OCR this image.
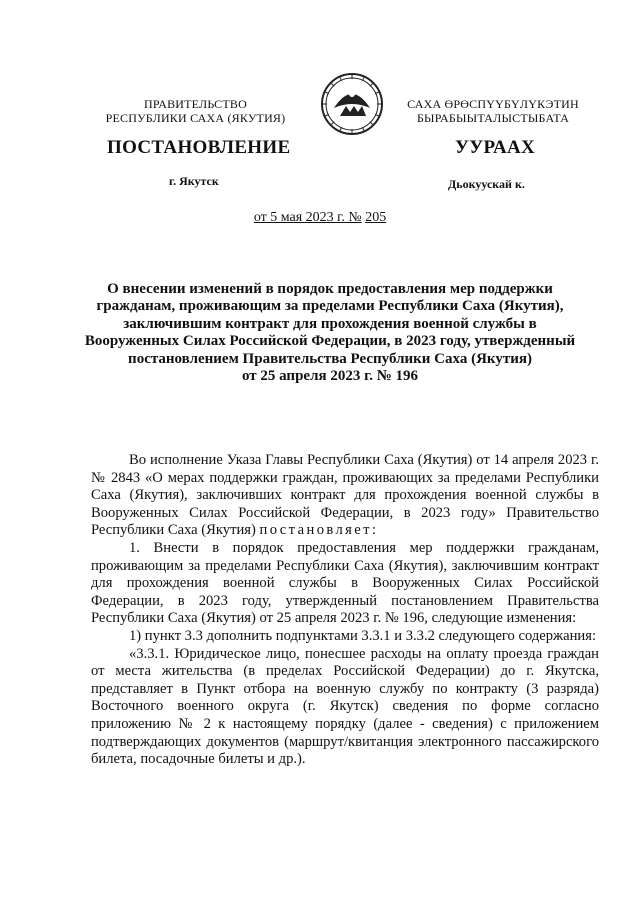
ПРАВИТЕЛЬСТВО
РЕСПУБЛИКИ САХА (ЯКУТИЯ)
САХА ӨРӨСПҮҮБҮЛҮКЭТИН
БЫРАБЫЫТАЛЫСТЫБАТА
ПОСТАНОВЛЕНИЕ	УУРААХ
г. Якутск	Дьокуускай к.
от 5 мая 2023 г. № 205
О внесении изменений в порядок предоставления мер поддержки
гражданам, проживающим за пределами Республики Саха (Якутия),
заключившим контракт для прохождения военной службы в
Вооруженных Силах Российской Федерации, в 2023 году, утвержденный
постановлением Правительства Республики Саха (Якутия)
от 25 апреля 2023 г. № 196

Во исполнение Указа Главы Республики Саха (Якутия) от 14 апреля 2023 г. № 2843 «О мерах поддержки граждан, проживающих за пределами Республики Саха (Якутия), заключивших контракт для прохождения военной службы в Вооруженных Силах Российской Федерации, в 2023 году» Правительство Республики Саха (Якутия) постановляет:

1. Внести в порядок предоставления мер поддержки гражданам, проживающим за пределами Республики Саха (Якутия), заключившим контракт для прохождения военной службы в Вооруженных Силах Российской Федерации, в 2023 году, утвержденный постановлением Правительства Республики Саха (Якутия) от 25 апреля 2023 г. № 196, следующие изменения:

1) пункт 3.3 дополнить подпунктами 3.3.1 и 3.3.2 следующего содержания:

«3.3.1. Юридическое лицо, понесшее расходы на оплату проезда граждан от места жительства (в пределах Российской Федерации) до г. Якутска, представляет в Пункт отбора на военную службу по контракту (3 разряда) Восточного военного округа (г. Якутск) сведения по форме согласно приложению № 2 к настоящему порядку (далее - сведения) с приложением подтверждающих документов (маршрут/квитанция электронного пассажирского билета, посадочные билеты и др.).
